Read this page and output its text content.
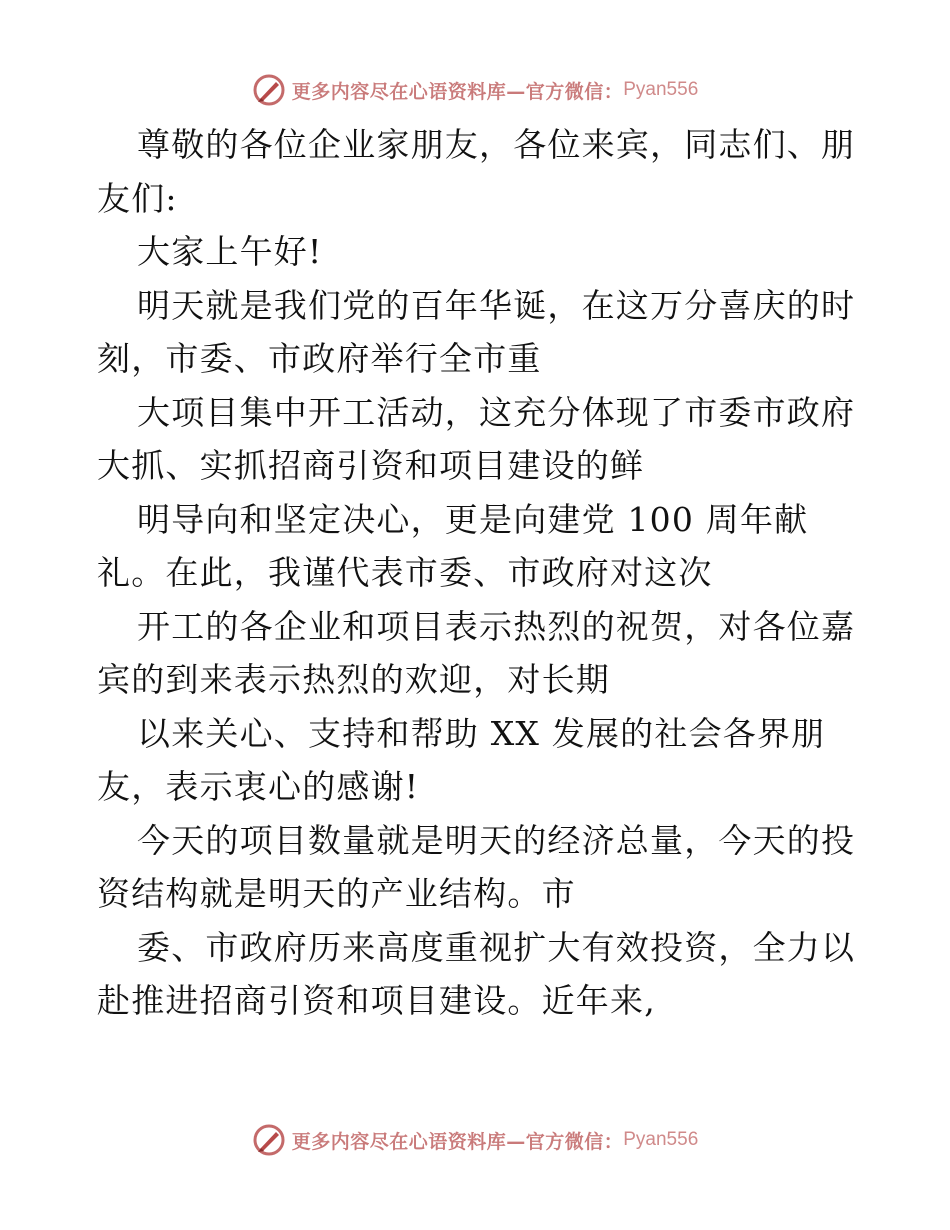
更多内容尽在心语资料库—官方微信： Pyan556
尊敬的各位企业家朋友，各位来宾，同志们、朋
友们:
大家上午好!
明天就是我们党的百年华诞，在这万分喜庆的时
刻，市委、市政府举行全市重
大项目集中开工活动，这充分体现了市委市政府
大抓、实抓招商引资和项目建设的鲜
明导向和坚定决心，更是向建党 100 周年献
礼。在此，我谨代表市委、市政府对这次
开工的各企业和项目表示热烈的祝贺，对各位嘉
宾的到来表示热烈的欢迎，对长期
以来关心、支持和帮助 XX 发展的社会各界朋
友，表示衷心的感谢!
今天的项目数量就是明天的经济总量，今天的投
资结构就是明天的产业结构。市
委、市政府历来高度重视扩大有效投资，全力以
赴推进招商引资和项目建设。近年来,
更多内容尽在心语资料库—官方微信： Pyan556
